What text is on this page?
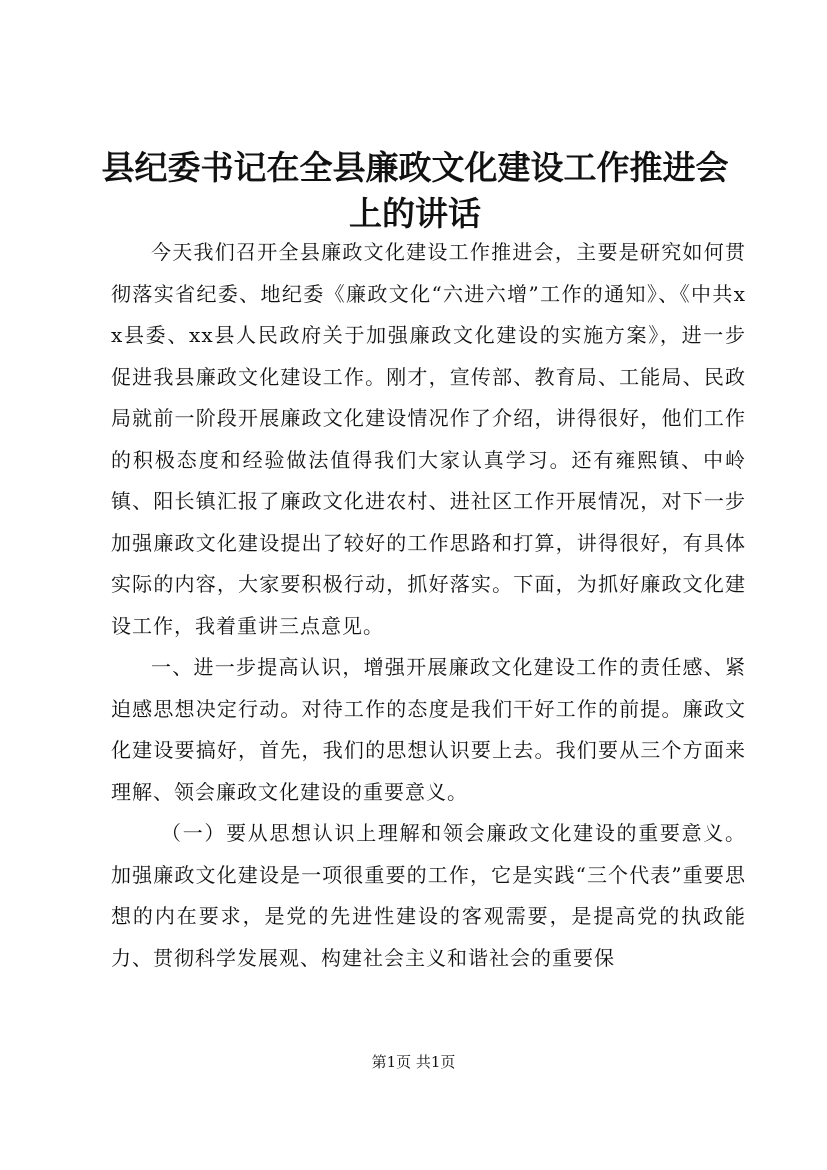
县纪委书记在全县廉政文化建设工作推进会上的讲话

今天我们召开全县廉政文化建设工作推进会，主要是研究如何贯彻落实省纪委、地纪委《廉政文化“六进六增”工作的通知》、《中共xx县委、xx县人民政府关于加强廉政文化建设的实施方案》，进一步促进我县廉政文化建设工作。刚才，宣传部、教育局、工能局、民政局就前一阶段开展廉政文化建设情况作了介绍，讲得很好，他们工作的积极态度和经验做法值得我们大家认真学习。还有雍熙镇、中岭镇、阳长镇汇报了廉政文化进农村、进社区工作开展情况，对下一步加强廉政文化建设提出了较好的工作思路和打算，讲得很好，有具体实际的内容，大家要积极行动，抓好落实。下面，为抓好廉政文化建设工作，我着重讲三点意见。

一、进一步提高认识，增强开展廉政文化建设工作的责任感、紧迫感思想决定行动。对待工作的态度是我们干好工作的前提。廉政文化建设要搞好，首先，我们的思想认识要上去。我们要从三个方面来理解、领会廉政文化建设的重要意义。

（一）要从思想认识上理解和领会廉政文化建设的重要意义。加强廉政文化建设是一项很重要的工作，它是实践“三个代表”重要思想的内在要求，是党的先进性建设的客观需要，是提高党的执政能力、贯彻科学发展观、构建社会主义和谐社会的重要保

第1页 共1页
